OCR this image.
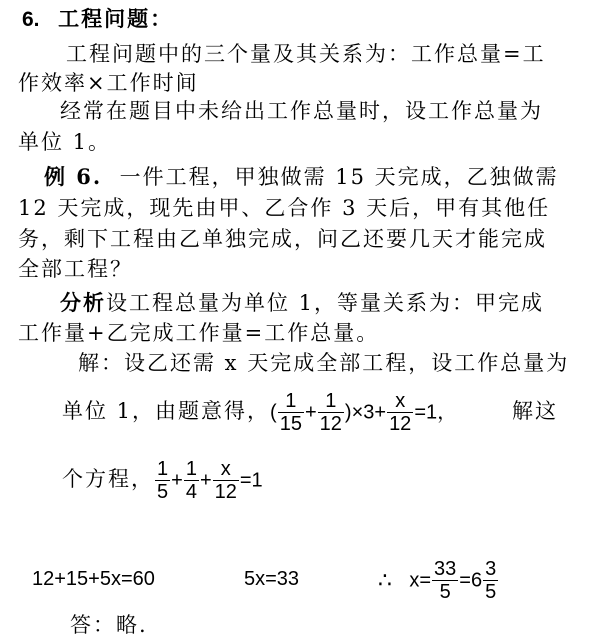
6. 工程问题：
工程问题中的三个量及其关系为：工作总量=工
作效率×工作时间
经常在题目中未给出工作总量时，设工作总量为
单位 1。
例 6. 一件工程，甲独做需 15 天完成，乙独做需
12 天完成，现先由甲、乙合作 3 天后，甲有其他任
务，剩下工程由乙单独完成，问乙还要几天才能完成
全部工程？
分析设工程总量为单位 1，等量关系为：甲完成
工作量+乙完成工作量=工作总量。
解：设乙还需 x 天完成全部工程，设工作总量为
单位 1，由题意得，( $\frac{1}{15} + \frac{1}{12} )\times 3+ \frac{x}{12} =1$，	解这
个方程， $\frac{1}{5} + \frac{1}{4} + \frac{x}{12} =1$
12+15+5x=60	5x=33	∴ $x= \frac{33}{5} =6 \frac{3}{5}$
答：略.
